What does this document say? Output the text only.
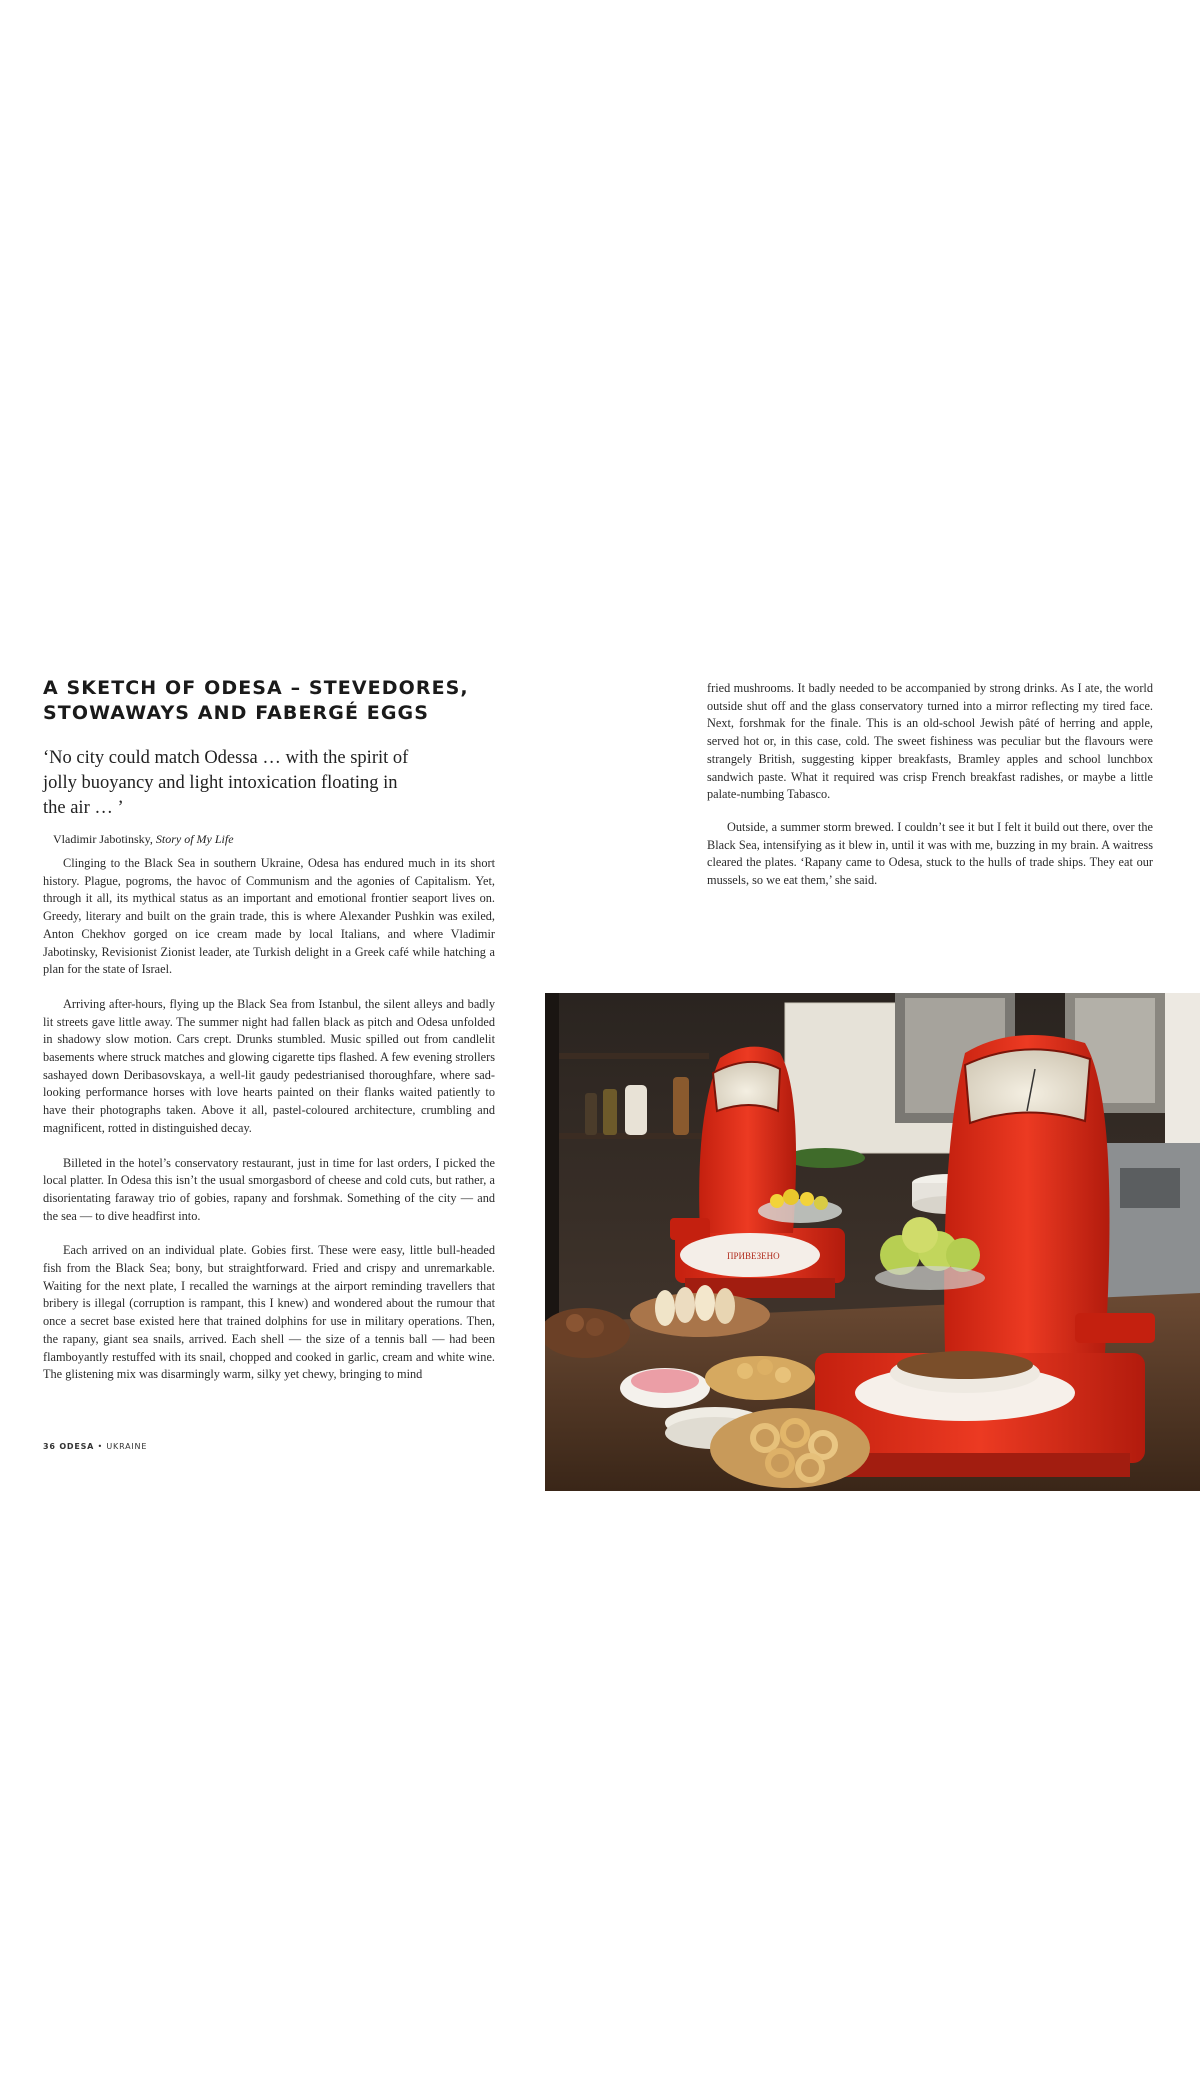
A SKETCH OF ODESA – STEVEDORES, STOWAWAYS AND FABERGÉ EGGS
‘No city could match Odessa … with the spirit of jolly buoyancy and light intoxication floating in the air … ’
Vladimir Jabotinsky, Story of My Life

Clinging to the Black Sea in southern Ukraine, Odesa has endured much in its short history. Plague, pogroms, the havoc of Communism and the agonies of Capitalism. Yet, through it all, its mythical status as an important and emotional frontier seaport lives on. Greedy, literary and built on the grain trade, this is where Alexander Pushkin was exiled, Anton Chekhov gorged on ice cream made by local Italians, and where Vladimir Jabotinsky, Revisionist Zionist leader, ate Turkish delight in a Greek café while hatching a plan for the state of Israel.

Arriving after-hours, flying up the Black Sea from Istanbul, the silent alleys and badly lit streets gave little away. The summer night had fallen black as pitch and Odesa unfolded in shadowy slow motion. Cars crept. Drunks stumbled. Music spilled out from candlelit basements where struck matches and glowing cigarette tips flashed. A few evening strollers sashayed down Deribasovskaya, a well-lit gaudy pedestrianised thoroughfare, where sad-looking performance horses with love hearts painted on their flanks waited patiently to have their photographs taken. Above it all, pastel-coloured architecture, crumbling and magnificent, rotted in distinguished decay.

Billeted in the hotel’s conservatory restaurant, just in time for last orders, I picked the local platter. In Odesa this isn’t the usual smorgasbord of cheese and cold cuts, but rather, a disorientating faraway trio of gobies, rapany and forshmak. Something of the city — and the sea — to dive headfirst into.

Each arrived on an individual plate. Gobies first. These were easy, little bull-headed fish from the Black Sea; bony, but straightforward. Fried and crispy and unremarkable. Waiting for the next plate, I recalled the warnings at the airport reminding travellers that bribery is illegal (corruption is rampant, this I knew) and wondered about the rumour that once a secret base existed here that trained dolphins for use in military operations. Then, the rapany, giant sea snails, arrived. Each shell — the size of a tennis ball — had been flamboyantly restuffed with its snail, chopped and cooked in garlic, cream and white wine. The glistening mix was disarmingly warm, silky yet chewy, bringing to mind

36 ODESA • UKRAINE

fried mushrooms. It badly needed to be accompanied by strong drinks. As I ate, the world outside shut off and the glass conservatory turned into a mirror reflecting my tired face. Next, forshmak for the finale. This is an old-school Jewish pâté of herring and apple, served hot or, in this case, cold. The sweet fishiness was peculiar but the flavours were strangely British, suggesting kipper breakfasts, Bramley apples and school lunchbox sandwich paste. What it required was crisp French breakfast radishes, or maybe a little palate-numbing Tabasco.

Outside, a summer storm brewed. I couldn’t see it but I felt it build out there, over the Black Sea, intensifying as it blew in, until it was with me, buzzing in my brain. A waitress cleared the plates. ‘Rapany came to Odesa, stuck to the hulls of trade ships. They eat our mussels, so we eat them,’ she said.

ПРИВЕЗЕНО
